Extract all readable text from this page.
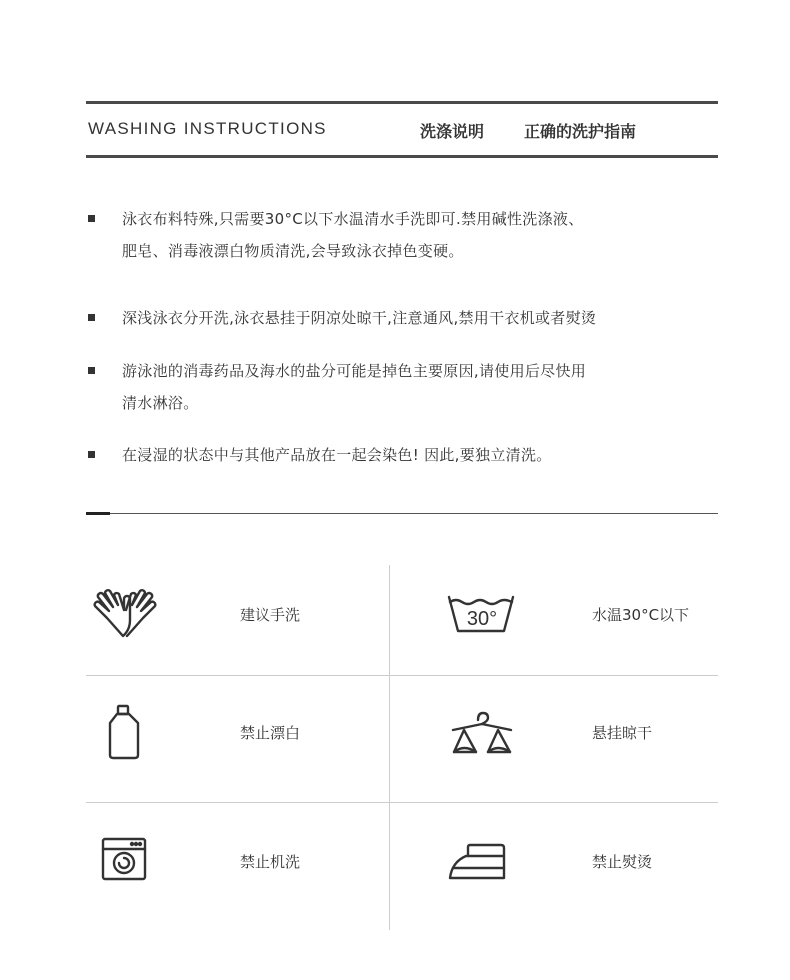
WASHING INSTRUCTIONS	洗涤说明 正确的洗护指南
泳衣布料特殊,只需要30°C以下水温清水手洗即可.禁用碱性洗涤液、
肥皂、消毒液漂白物质清洗,会导致泳衣掉色变硬。
深浅泳衣分开洗,泳衣悬挂于阴凉处晾干,注意通风,禁用干衣机或者熨烫
游泳池的消毒药品及海水的盐分可能是掉色主要原因,请使用后尽快用
清水淋浴。
在浸湿的状态中与其他产品放在一起会染色! 因此,要独立清洗。
建议手洗	30°	水温30°C以下
禁止漂白	悬挂晾干
禁止机洗	禁止熨烫
